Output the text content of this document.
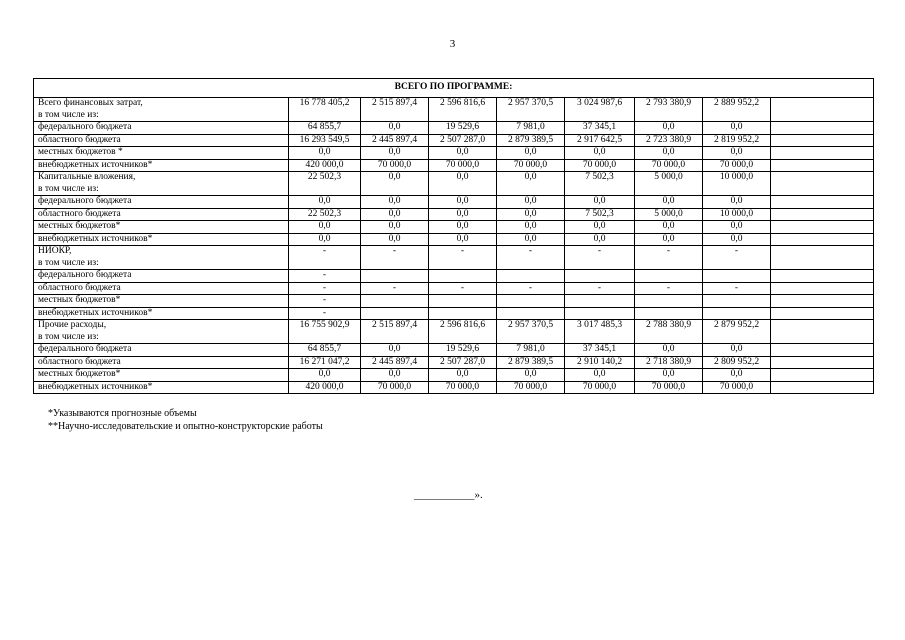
3
ВСЕГО ПО ПРОГРАММЕ:								

Всего финансовых затрат,
в том числе из:	16 778 405,2	2 515 897,4	2 596 816,6	2 957 370,5	3 024 987,6	2 793 380,9	2 889 952,2	

федерального бюджета	64 855,7	0,0	19 529,6	7 981,0	37 345,1	0,0	0,0	

областного бюджета	16 293 549,5	2 445 897,4	2 507 287,0	2 879 389,5	2 917 642,5	2 723 380,9	2 819 952,2	

местных бюджетов *	0,0	0,0	0,0	0,0	0,0	0,0	0,0	

внебюджетных источников*	420 000,0	70 000,0	70 000,0	70 000,0	70 000,0	70 000,0	70 000,0	

Капитальные вложения,
в том числе из:	22 502,3	0,0	0,0	0,0	7 502,3	5 000,0	10 000,0	

федерального бюджета	0,0	0,0	0,0	0,0	0,0	0,0	0,0	

областного бюджета	22 502,3	0,0	0,0	0,0	7 502,3	5 000,0	10 000,0	

местных бюджетов*	0,0	0,0	0,0	0,0	0,0	0,0	0,0	

внебюджетных источников*	0,0	0,0	0,0	0,0	0,0	0,0	0,0	

НИОКР,
в том числе из:	-	-	-	-	-	-	-	

федерального бюджета	-							

областного бюджета	-	-	-	-	-	-	-	

местных бюджетов*	-							

внебюджетных источников*	-							

Прочие расходы,
в том числе из:	16 755 902,9	2 515 897,4	2 596 816,6	2 957 370,5	3 017 485,3	2 788 380,9	2 879 952,2	

федерального бюджета	64 855,7	0,0	19 529,6	7 981,0	37 345,1	0,0	0,0	

областного бюджета	16 271 047,2	2 445 897,4	2 507 287,0	2 879 389,5	2 910 140,2	2 718 380,9	2 809 952,2	

местных бюджетов*	0,0	0,0	0,0	0,0	0,0	0,0	0,0	

внебюджетных источников*	420 000,0	70 000,0	70 000,0	70 000,0	70 000,0	70 000,0	70 000,0	
*Указываются прогнозные объемы
**Научно-исследовательские и опытно-конструкторские работы
___________».
